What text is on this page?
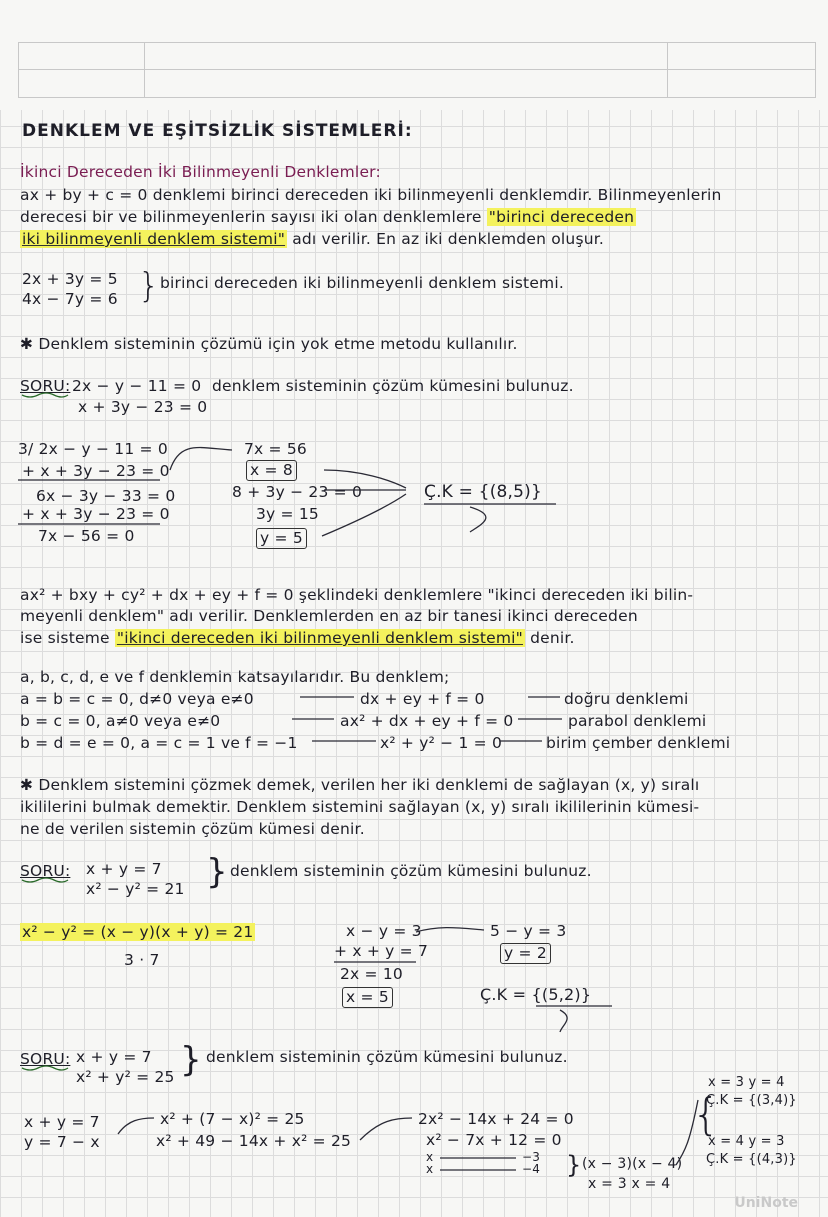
DENKLEM VE EŞİTSİZLİK SİSTEMLERİ:
İkinci Dereceden İki Bilinmeyenli Denklemler:
ax + by + c = 0 denklemi birinci dereceden iki bilinmeyenli denklemdir. Bilinmeyenlerin
derecesi bir ve bilinmeyenlerin sayısı iki olan denklemlere "birinci dereceden
iki bilinmeyenli denklem sistemi" adı verilir. En az iki denklemden oluşur.
2x + 3y = 5
4x − 7y = 6 } birinci dereceden iki bilinmeyenli denklem sistemi.
✱ Denklem sisteminin çözümü için yok etme metodu kullanılır.
SORU: 2x − y − 11 = 0
x + 3y − 23 = 0
denklem sisteminin çözüm kümesini bulunuz.
3/ 2x − y − 11 = 0
+ x + 3y − 23 = 0
6x − 3y − 33 = 0
+ x + 3y − 23 = 0
7x − 56 = 0
7x = 56
x = 8
8 + 3y − 23 = 0
3y = 15
y = 5
Ç.K = {(8,5)}
ax² + bxy + cy² + dx + ey + f = 0 şeklindeki denklemlere "ikinci dereceden iki bilin-
meyenli denklem" adı verilir. Denklemlerden en az bir tanesi ikinci dereceden
ise sisteme "ikinci dereceden iki bilinmeyenli denklem sistemi" denir.
a, b, c, d, e ve f denklemin katsayılarıdır. Bu denklem;
a = b = c = 0, d≠0 veya e≠0	dx + ey + f = 0	doğru denklemi
b = c = 0, a≠0 veya e≠0	ax² + dx + ey + f = 0	parabol denklemi
b = d = e = 0, a = c = 1 ve f = −1	x² + y² − 1 = 0	birim çember denklemi
✱ Denklem sistemini çözmek demek, verilen her iki denklemi de sağlayan (x, y) sıralı
ikililerini bulmak demektir. Denklem sistemini sağlayan (x, y) sıralı ikililerinin kümesi-
ne de verilen sistemin çözüm kümesi denir.
SORU: x + y = 7
x² − y² = 21 } denklem sisteminin çözüm kümesini bulunuz.
x² − y² = (x − y)(x + y) = 21
3 · 7
x − y = 3
+ x + y = 7
2x = 10
x = 5
5 − y = 3
y = 2
Ç.K = {(5,2)}
SORU: x + y = 7
x² + y² = 25 } denklem sisteminin çözüm kümesini bulunuz.
x + y = 7
y = 7 − x
x² + (7 − x)² = 25
x² + 49 − 14x + x² = 25
2x² − 14x + 24 = 0
x² − 7x + 12 = 0
x
x
−3
−4 } (x − 3)(x − 4)
x = 3 x = 4
{
x = 3 y = 4
Ç.K = {(3,4)}
x = 4 y = 3
Ç.K = {(4,3)}
UniNote
